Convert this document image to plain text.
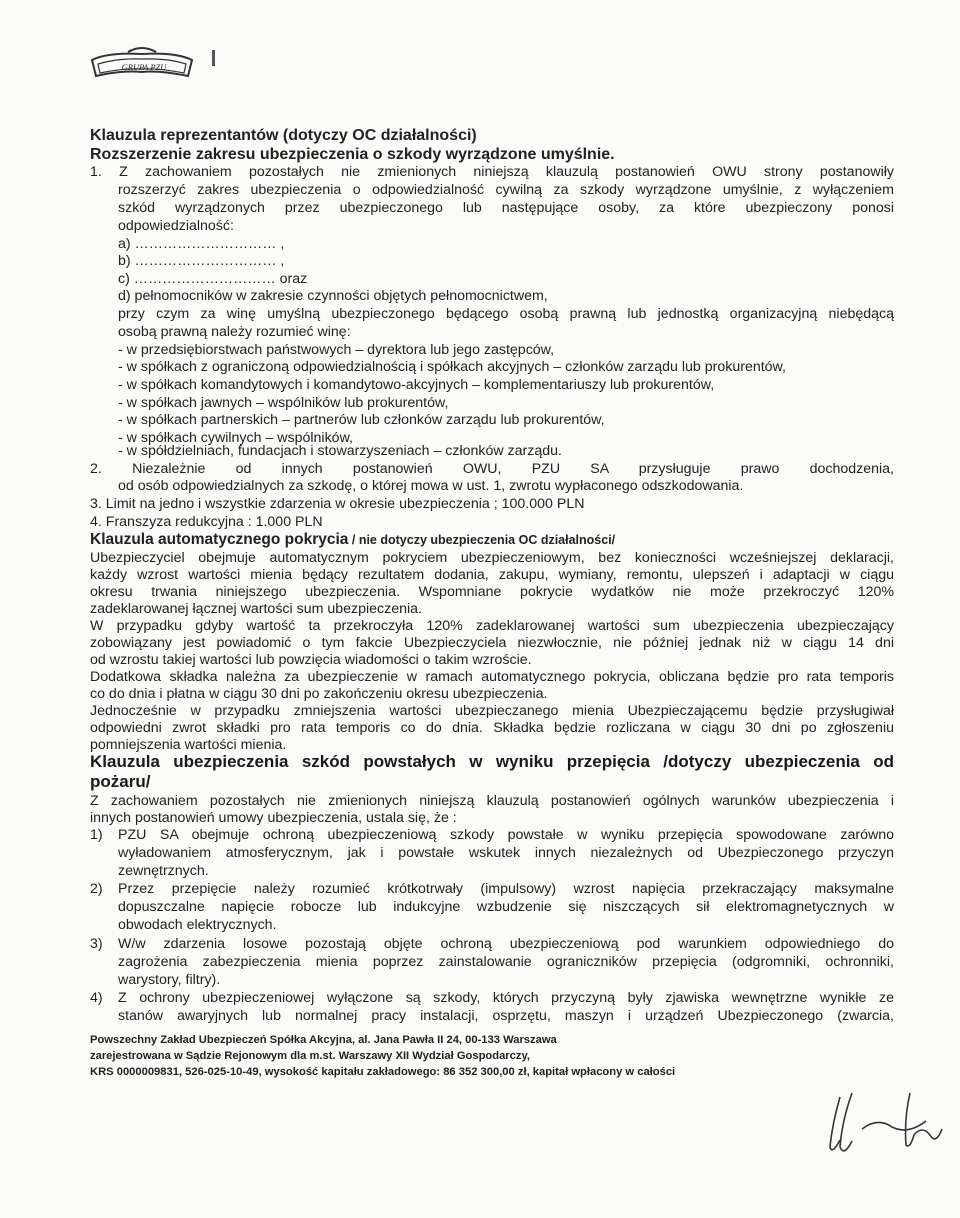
GRUPA PZU
Klauzula reprezentantów (dotyczy OC działalności)
Rozszerzenie zakresu ubezpieczenia o szkody wyrządzone umyślnie.
1. Z zachowaniem pozostałych nie zmienionych niniejszą klauzulą postanowień OWU strony postanowiły
rozszerzyć zakres ubezpieczenia o odpowiedzialność cywilną za szkody wyrządzone umyślnie, z wyłączeniem
szkód wyrządzonych przez ubezpieczonego lub następujące osoby, za które ubezpieczony ponosi
odpowiedzialność:
a) ………………………… ,
b) ………………………… ,
c) ………………………… oraz
d) pełnomocników w zakresie czynności objętych pełnomocnictwem,
przy czym za winę umyślną ubezpieczonego będącego osobą prawną lub jednostką organizacyjną niebędącą
osobą prawną należy rozumieć winę:
- w przedsiębiorstwach państwowych – dyrektora lub jego zastępców,
- w spółkach z ograniczoną odpowiedzialnością i spółkach akcyjnych – członków zarządu lub prokurentów,
- w spółkach komandytowych i komandytowo-akcyjnych – komplementariuszy lub prokurentów,
- w spółkach jawnych – wspólników lub prokurentów,
- w spółkach partnerskich – partnerów lub członków zarządu lub prokurentów,
- w spółkach cywilnych – wspólników,
- w spółdzielniach, fundacjach i stowarzyszeniach – członków zarządu.
2. Niezależnie od innych postanowień OWU, PZU SA przysługuje prawo dochodzenia,
od osób odpowiedzialnych za szkodę, o której mowa w ust. 1, zwrotu wypłaconego odszkodowania.
3. Limit na jedno i wszystkie zdarzenia w okresie ubezpieczenia ; 100.000 PLN
4. Franszyza redukcyjna : 1.000 PLN
Klauzula automatycznego pokrycia / nie dotyczy ubezpieczenia OC działalności/
Ubezpieczyciel obejmuje automatycznym pokryciem ubezpieczeniowym, bez konieczności wcześniejszej deklaracji,
każdy wzrost wartości mienia będący rezultatem dodania, zakupu, wymiany, remontu, ulepszeń i adaptacji w ciągu
okresu trwania niniejszego ubezpieczenia. Wspomniane pokrycie wydatków nie może przekroczyć 120%
zadeklarowanej łącznej wartości sum ubezpieczenia.
W przypadku gdyby wartość ta przekroczyła 120% zadeklarowanej wartości sum ubezpieczenia ubezpieczający
zobowiązany jest powiadomić o tym fakcie Ubezpieczyciela niezwłocznie, nie później jednak niż w ciągu 14 dni
od wzrostu takiej wartości lub powzięcia wiadomości o takim wzroście.
Dodatkowa składka należna za ubezpieczenie w ramach automatycznego pokrycia, obliczana będzie pro rata temporis
co do dnia i płatna w ciągu 30 dni po zakończeniu okresu ubezpieczenia.
Jednocześnie w przypadku zmniejszenia wartości ubezpieczanego mienia Ubezpieczającemu będzie przysługiwał
odpowiedni zwrot składki pro rata temporis co do dnia. Składka będzie rozliczana w ciągu 30 dni po zgłoszeniu
pomniejszenia wartości mienia.
Klauzula ubezpieczenia szkód powstałych w wyniku przepięcia /dotyczy ubezpieczenia od
pożaru/
Z zachowaniem pozostałych nie zmienionych niniejszą klauzulą postanowień ogólnych warunków ubezpieczenia i
innych postanowień umowy ubezpieczenia, ustala się, że :
1) PZU SA obejmuje ochroną ubezpieczeniową szkody powstałe w wyniku przepięcia spowodowane zarówno
wyładowaniem atmosferycznym, jak i powstałe wskutek innych niezależnych od Ubezpieczonego przyczyn
zewnętrznych.
2) Przez przepięcie należy rozumieć krótkotrwały (impulsowy) wzrost napięcia przekraczający maksymalne
dopuszczalne napięcie robocze lub indukcyjne wzbudzenie się niszczących sił elektromagnetycznych w
obwodach elektrycznych.
3) W/w zdarzenia losowe pozostają objęte ochroną ubezpieczeniową pod warunkiem odpowiedniego do
zagrożenia zabezpieczenia mienia poprzez zainstalowanie ograniczników przepięcia (odgromniki, ochronniki,
warystory, filtry).
4) Z ochrony ubezpieczeniowej wyłączone są szkody, których przyczyną były zjawiska wewnętrzne wynikłe ze
stanów awaryjnych lub normalnej pracy instalacji, osprzętu, maszyn i urządzeń Ubezpieczonego (zwarcia,
Powszechny Zakład Ubezpieczeń Spółka Akcyjna, al. Jana Pawła II 24, 00-133 Warszawa
zarejestrowana w Sądzie Rejonowym dla m.st. Warszawy XII Wydział Gospodarczy,
KRS 0000009831, 526-025-10-49, wysokość kapitału zakładowego: 86 352 300,00 zł, kapitał wpłacony w całości
